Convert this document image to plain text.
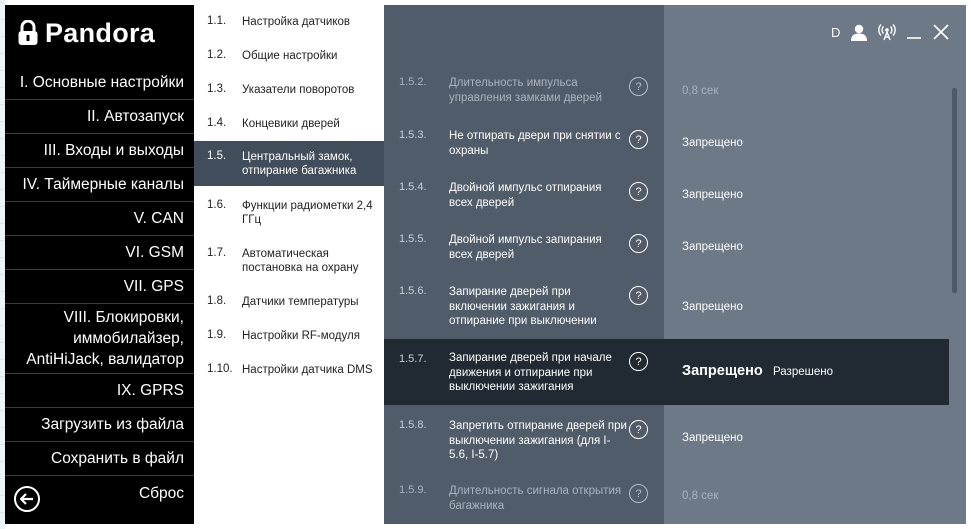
Pandora
I. Основные настройки
II. Автозапуск
III. Входы и выходы
IV. Таймерные каналы
V. CAN
VI. GSM
VII. GPS
VIII. Блокировки, иммобилайзер, AntiHiJack, валидатор
IX. GPRS
Загрузить из файла
Сохранить в файл
Сброс
1.1. Настройка датчиков
1.2. Общие настройки
1.3. Указатели поворотов
1.4. Концевики дверей
1.5. Центральный замок, отпирание багажника
1.6. Функции радиометки 2,4 ГГц
1.7. Автоматическая постановка на охрану
1.8. Датчики температуры
1.9. Настройки RF-модуля
1.10. Настройки датчика DMS
1.5.2. Длительность импульса управления замками дверей
?	0,8 сек
1.5.3. Не отпирать двери при снятии с охраны
?	Запрещено
1.5.4. Двойной импульс отпирания всех дверей
?	Запрещено
1.5.5. Двойной импульс запирания всех дверей
?	Запрещено
1.5.6. Запирание дверей при включении зажигания и отпирание при выключении
?
Запрещено
1.5.7. Запирание дверей при начале движения и отпирание при выключении зажигания
?
Запрещено Разрешено
1.5.8. Запретить отпирание дверей при выключении зажигания (для I-5.6, I-5.7)
?
Запрещено
1.5.9. Длительность сигнала открытия багажника
?	0,8 сек
D
